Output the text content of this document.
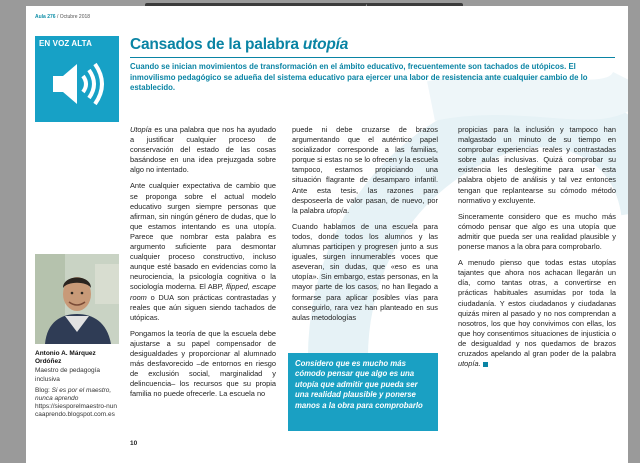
Aula 276 / Octubre 2018
EN VOZ ALTA Cansados de la palabra utopía

Cuando se inician movimientos de transformación en el ámbito educativo, frecuentemente son tachados de utópicos. El inmovilismo pedagógico se adueña del sistema educativo para ejercer una labor de resistencia ante cualquier cambio de lo establecido.

Antonio A. Márquez Ordóñez
Maestro de pedagogía inclusiva
Blog: Si es por el maestro, nunca aprendo
https://siesporelmaestro-nuncaaprendo.blogspot.com.es

Utopía es una palabra que nos ha ayudado a justificar cualquier proceso de conservación del estado de las cosas basándose en una idea prejuzgada sobre algo no intentado.

Ante cualquier expectativa de cambio que se proponga sobre el actual modelo educativo surgen siempre personas que afirman, sin ningún género de dudas, que lo que estamos intentando es una utopía. Parece que nombrar esta palabra es argumento suficiente para desmontar cualquier proceso constructivo, incluso aunque esté basado en evidencias como la neurociencia, la psicología cognitiva o la sociología moderna. El ABP, flipped, escape room o DUA son prácticas contrastadas y reales que aún siguen siendo tachados de utópicas.

Pongamos la teoría de que la escuela debe ajustarse a su papel compensador de desigualdades y proporcionar al alumnado más desfavorecido –de entornos en riesgo de exclusión social, marginalidad y delincuencia– los recursos que su propia familia no puede ofrecerle. La escuela no

puede ni debe cruzarse de brazos argumentando que el auténtico papel socializador corresponde a las familias, porque si estas no se lo ofrecen y la escuela tampoco, estamos propiciando una situación flagrante de desamparo infantil. Ante esta tesis, las razones para desposeerla de valor pasan, de nuevo, por la palabra utopía.

Cuando hablamos de una escuela para todos, donde todos los alumnos y las alumnas participen y progresen junto a sus iguales, surgen innumerables voces que aseveran, sin dudas, que «eso es una utopía». Sin embargo, estas personas, en la mayor parte de los casos, no han llegado a formarse para aplicar posibles vías para conseguirlo, rara vez han planteado en sus aulas metodologías

Considero que es mucho más cómodo pensar que algo es una utopía que admitir que pueda ser una realidad plausible y ponerse manos a la obra para comprobarlo

propicias para la inclusión y tampoco han malgastado un minuto de su tiempo en comprobar experiencias reales y contrastadas sobre aulas inclusivas. Quizá comprobar su existencia les deslegitime para usar esta palabra objeto de análisis y tal vez entonces tengan que replantearse su cómodo método normativo y excluyente.

Sinceramente considero que es mucho más cómodo pensar que algo es una utopía que admitir que pueda ser una realidad plausible y ponerse manos a la obra para comprobarlo.

A menudo pienso que todas estas utopías tajantes que ahora nos achacan llegarán un día, como tantas otras, a convertirse en prácticas habituales asumidas por toda la ciudadanía. Y estos ciudadanos y ciudadanas quizás miren al pasado y no nos comprendan a nosotros, los que hoy convivimos con ellas, los que hoy consentimos situaciones de injusticia o de desigualdad y nos quedamos de brazos cruzados apelando al gran poder de la palabra utopía.

10
